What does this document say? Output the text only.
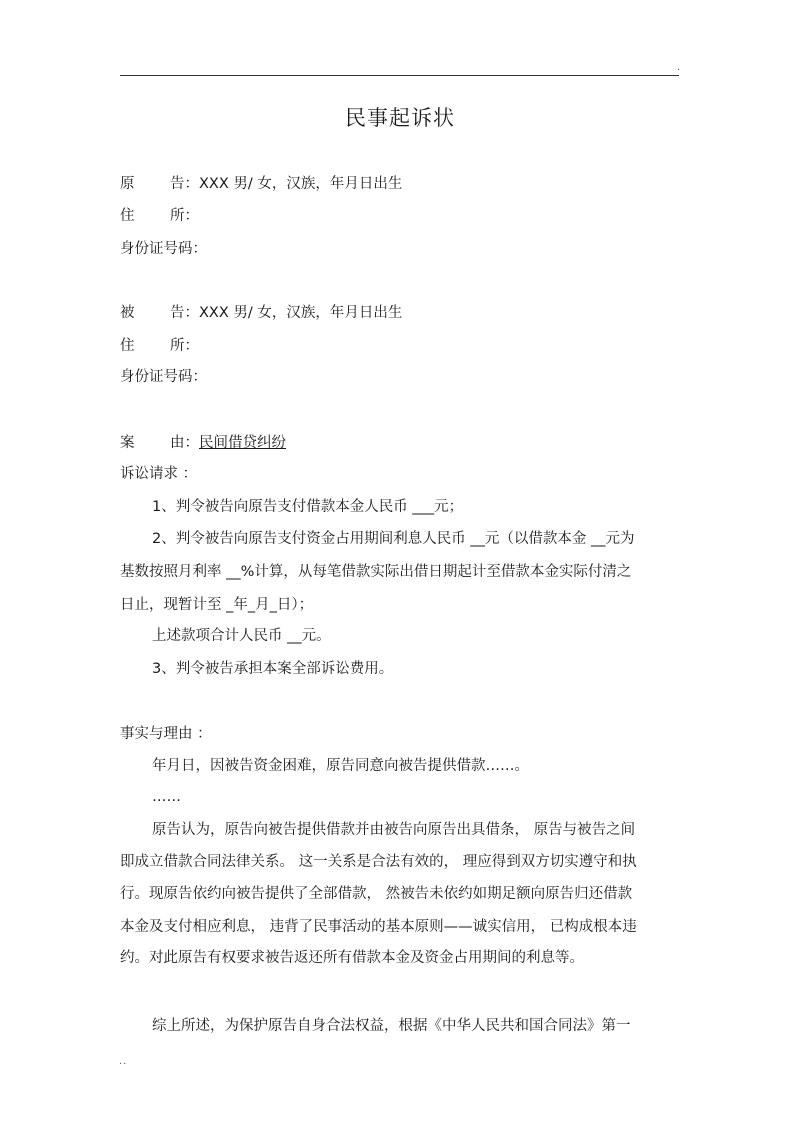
.
民事起诉状
原 告：XXX 男/ 女，汉族，年月日出生
住 所：
身份证号码：
被 告：XXX 男/ 女，汉族，年月日出生
住 所：
身份证号码：
案 由：民间借贷纠纷
诉讼请求 ：
1、判令被告向原告支付借款本金人民币 ___元；
2、判令被告向原告支付资金占用期间利息人民币 __元（以借款本金 __元为
基数按照月利率 __%计算，从每笔借款实际出借日期起计至借款本金实际付清之
日止，现暂计至 _年_月_日）；
上述款项合计人民币 __元。
3、判令被告承担本案全部诉讼费用。
事实与理由 ：
年月日，因被告资金困难，原告同意向被告提供借款……。
……
原告认为，原告向被告提供借款并由被告向原告出具借条， 原告与被告之间
即成立借款合同法律关系。 这一关系是合法有效的， 理应得到双方切实遵守和执
行。现原告依约向被告提供了全部借款， 然被告未依约如期足额向原告归还借款
本金及支付相应利息， 违背了民事活动的基本原则——诚实信用， 已构成根本违
约。对此原告有权要求被告返还所有借款本金及资金占用期间的利息等。
综上所述，为保护原告自身合法权益，根据《中华人民共和国合同法》第一
..
